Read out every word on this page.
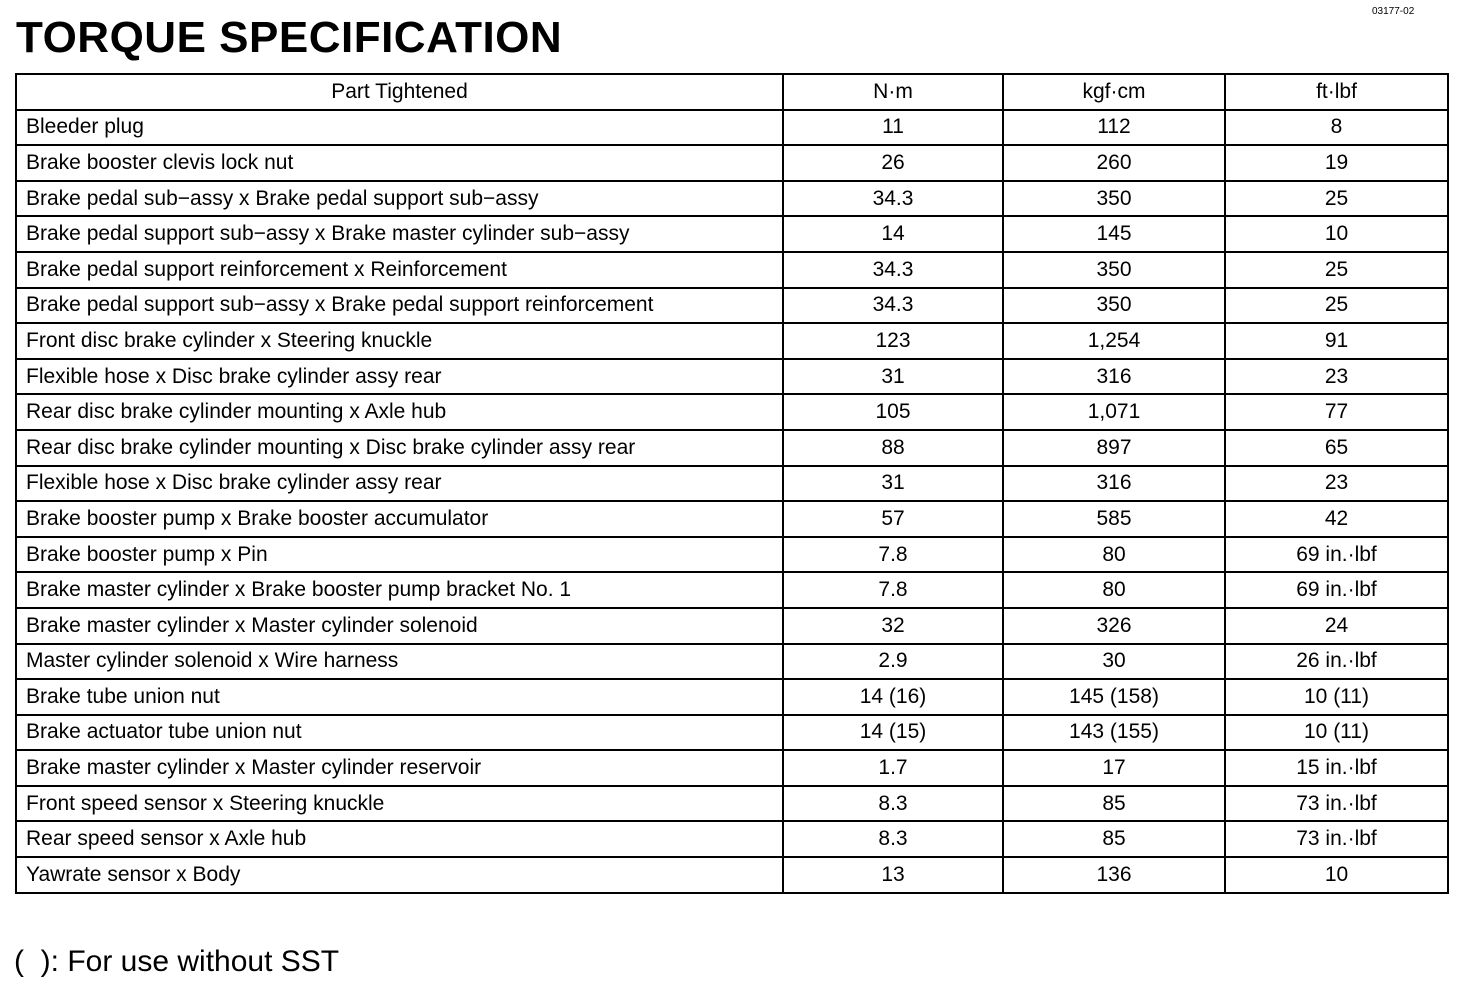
03177-02
TORQUE SPECIFICATION
Part Tightened	N·m	kgf·cm	ft·lbf
Bleeder plug	11	112	8
Brake booster clevis lock nut	26	260	19
Brake pedal sub−assy x Brake pedal support sub−assy	34.3	350	25
Brake pedal support sub−assy x Brake master cylinder sub−assy	14	145	10
Brake pedal support reinforcement x Reinforcement	34.3	350	25
Brake pedal support sub−assy x Brake pedal support reinforcement	34.3	350	25
Front disc brake cylinder x Steering knuckle	123	1,254	91
Flexible hose x Disc brake cylinder assy rear	31	316	23
Rear disc brake cylinder mounting x Axle hub	105	1,071	77
Rear disc brake cylinder mounting x Disc brake cylinder assy rear	88	897	65
Flexible hose x Disc brake cylinder assy rear	31	316	23
Brake booster pump x Brake booster accumulator	57	585	42
Brake booster pump x Pin	7.8	80	69 in.·lbf
Brake master cylinder x Brake booster pump bracket No. 1	7.8	80	69 in.·lbf
Brake master cylinder x Master cylinder solenoid	32	326	24
Master cylinder solenoid x Wire harness	2.9	30	26 in.·lbf
Brake tube union nut	14 (16)	145 (158)	10 (11)
Brake actuator tube union nut	14 (15)	143 (155)	10 (11)
Brake master cylinder x Master cylinder reservoir	1.7	17	15 in.·lbf
Front speed sensor x Steering knuckle	8.3	85	73 in.·lbf
Rear speed sensor x Axle hub	8.3	85	73 in.·lbf
Yawrate sensor x Body	13	136	10
(  ): For use without SST
